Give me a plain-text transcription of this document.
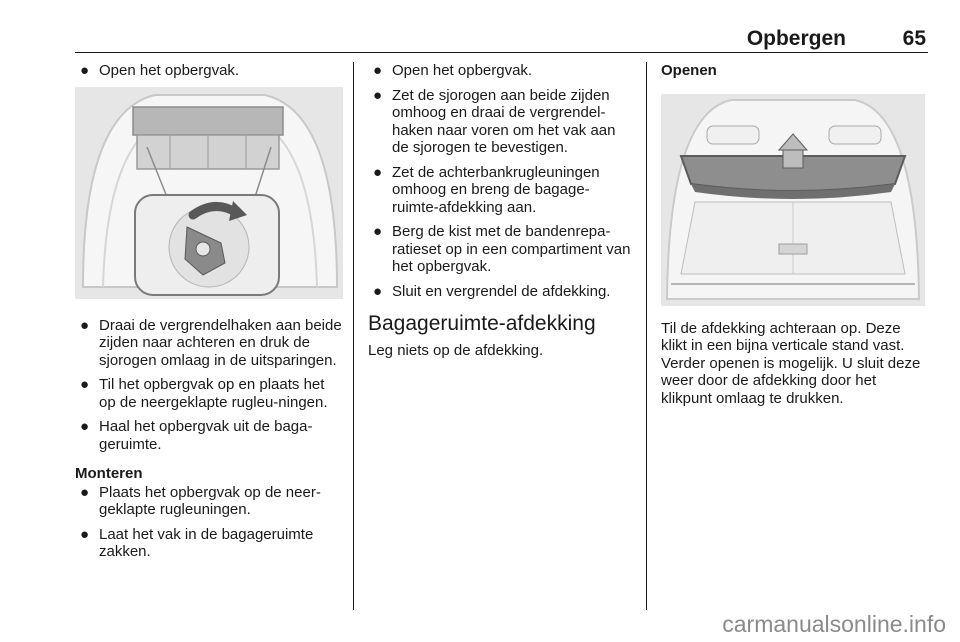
Opbergen	65
● Open het opbergvak.
● Draai de vergrendelhaken aan beide zijden naar achteren en druk de sjorogen omlaag in de uitsparingen.
● Til het opbergvak op en plaats het op de neergeklapte rugleu-ningen.
● Haal het opbergvak uit de baga-geruimte.
Monteren
● Plaats het opbergvak op de neer-geklapte rugleuningen.
● Laat het vak in de bagageruimte zakken.
● Open het opbergvak.
● Zet de sjorogen aan beide zijden omhoog en draai de vergrendel-haken naar voren om het vak aan de sjorogen te bevestigen.
● Zet de achterbankrugleuningen omhoog en breng de bagage-ruimte-afdekking aan.
● Berg de kist met de bandenrepa-ratieset op in een compartiment van het opbergvak.
● Sluit en vergrendel de afdekking.
Bagageruimte-afdekking

Leg niets op de afdekking.

Openen

Til de afdekking achteraan op. Deze klikt in een bijna verticale stand vast. Verder openen is mogelijk. U sluit deze weer door de afdekking door het klikpunt omlaag te drukken.

carmanualsonline.info
